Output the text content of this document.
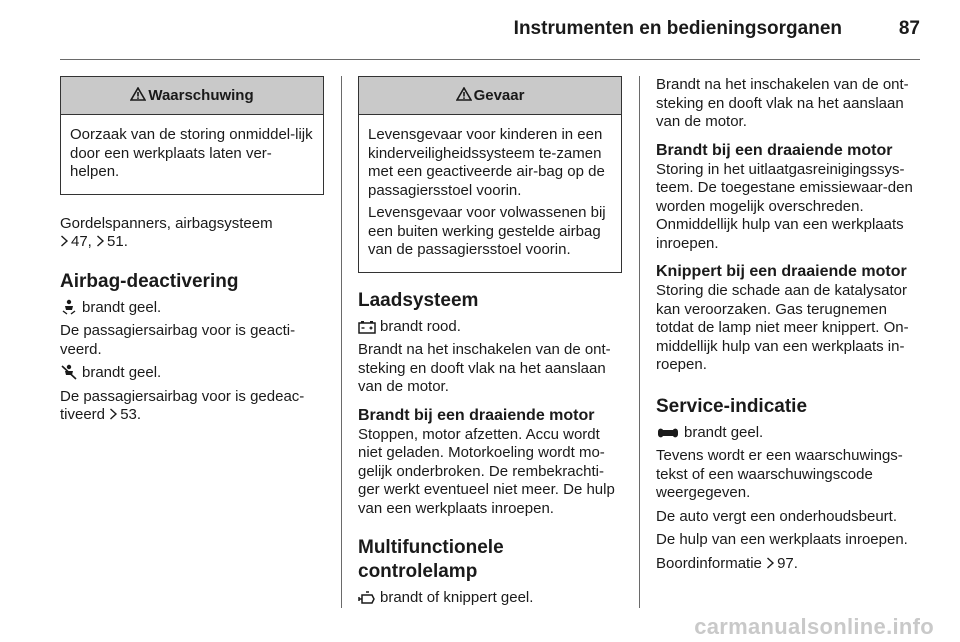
Instrumenten en bedieningsorganen	87
Waarschuwing

Oorzaak van de storing onmiddel-lijk door een werkplaats laten ver-helpen.

Gordelspanners, airbagsysteem

47, 51.

Airbag-deactivering

brandt geel.

De passagiersairbag voor is geacti-veerd.

brandt geel.

De passagiersairbag voor is gedeac-tiveerd 53.

Gevaar

Levensgevaar voor kinderen in een kinderveiligheidssysteem te-zamen met een geactiveerde air-bag op de passagiersstoel voorin.

Levensgevaar voor volwassenen bij een buiten werking gestelde airbag van de passagiersstoel voorin.

Laadsysteem

brandt rood.

Brandt na het inschakelen van de ont-steking en dooft vlak na het aanslaan van de motor.

Brandt bij een draaiende motor

Stoppen, motor afzetten. Accu wordt niet geladen. Motorkoeling wordt mo-gelijk onderbroken. De rembekrachti-ger werkt eventueel niet meer. De hulp van een werkplaats inroepen.

Multifunctionele controlelamp

brandt of knippert geel.

Brandt na het inschakelen van de ont-steking en dooft vlak na het aanslaan van de motor.

Brandt bij een draaiende motor

Storing in het uitlaatgasreinigingssys-teem. De toegestane emissiewaar-den worden mogelijk overschreden. Onmiddellijk hulp van een werkplaats inroepen.

Knippert bij een draaiende motor

Storing die schade aan de katalysator kan veroorzaken. Gas terugnemen totdat de lamp niet meer knippert. On-middellijk hulp van een werkplaats in-roepen.

Service-indicatie

brandt geel.

Tevens wordt er een waarschuwings-tekst of een waarschuwingscode weergegeven.

De auto vergt een onderhoudsbeurt.

De hulp van een werkplaats inroepen.

Boordinformatie 97.

carmanualsonline.info
